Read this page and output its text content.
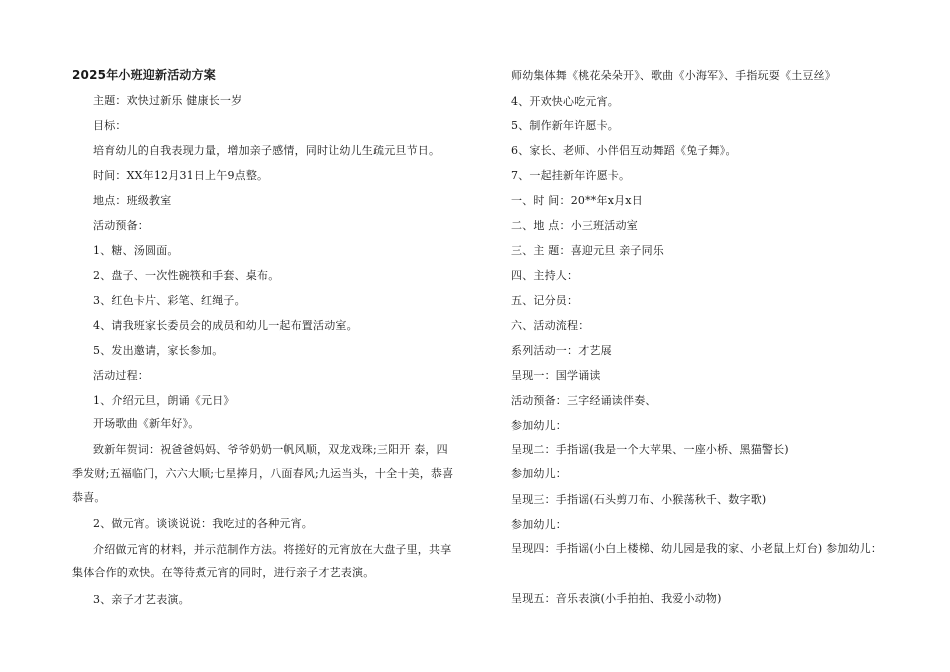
2025年小班迎新活动方案
主题：欢快过新乐 健康长一岁
目标：
培育幼儿的自我表现力量，增加亲子感情，同时让幼儿生疏元旦节日。
时间：XX年12月31日上午9点整。
地点：班级教室
活动预备：
1、糖、汤圆面。
2、盘子、一次性碗筷和手套、桌布。
3、红色卡片、彩笔、红绳子。
4、请我班家长委员会的成员和幼儿一起布置活动室。
5、发出邀请，家长参加。
活动过程：
1、介绍元旦，朗诵《元日》
开场歌曲《新年好》。
致新年贺词：祝爸爸妈妈、爷爷奶奶一帆风顺，双龙戏珠;三阳开 泰，四
季发财;五福临门，六六大顺;七星捧月，八面春风;九运当头，十全十美，恭喜
恭喜。
2、做元宵。谈谈说说：我吃过的各种元宵。
介绍做元宵的材料，并示范制作方法。将搓好的元宵放在大盘子里，共享
集体合作的欢快。在等待煮元宵的同时，进行亲子才艺表演。
3、亲子才艺表演。
师幼集体舞《桃花朵朵开》、歌曲《小海军》、手指玩耍《土豆丝》
4、开欢快心吃元宵。
5、制作新年许愿卡。
6、家长、老师、小伴侣互动舞蹈《兔子舞》。
7、一起挂新年许愿卡。
一、时 间：20**年x月x日
二、地 点：小三班活动室
三、主 题：喜迎元旦 亲子同乐
四、主持人：
五、记分员：
六、活动流程：
系列活动一：才艺展
呈现一：国学诵读
活动预备：三字经诵读伴奏、
参加幼儿：
呈现二：手指谣(我是一个大苹果、一座小桥、黑猫警长)
参加幼儿：
呈现三：手指谣(石头剪刀布、小猴荡秋千、数字歌)
参加幼儿：
呈现四：手指谣(小白上楼梯、幼儿园是我的家、小老鼠上灯台) 参加幼儿：
呈现五：音乐表演(小手拍拍、我爱小动物)
